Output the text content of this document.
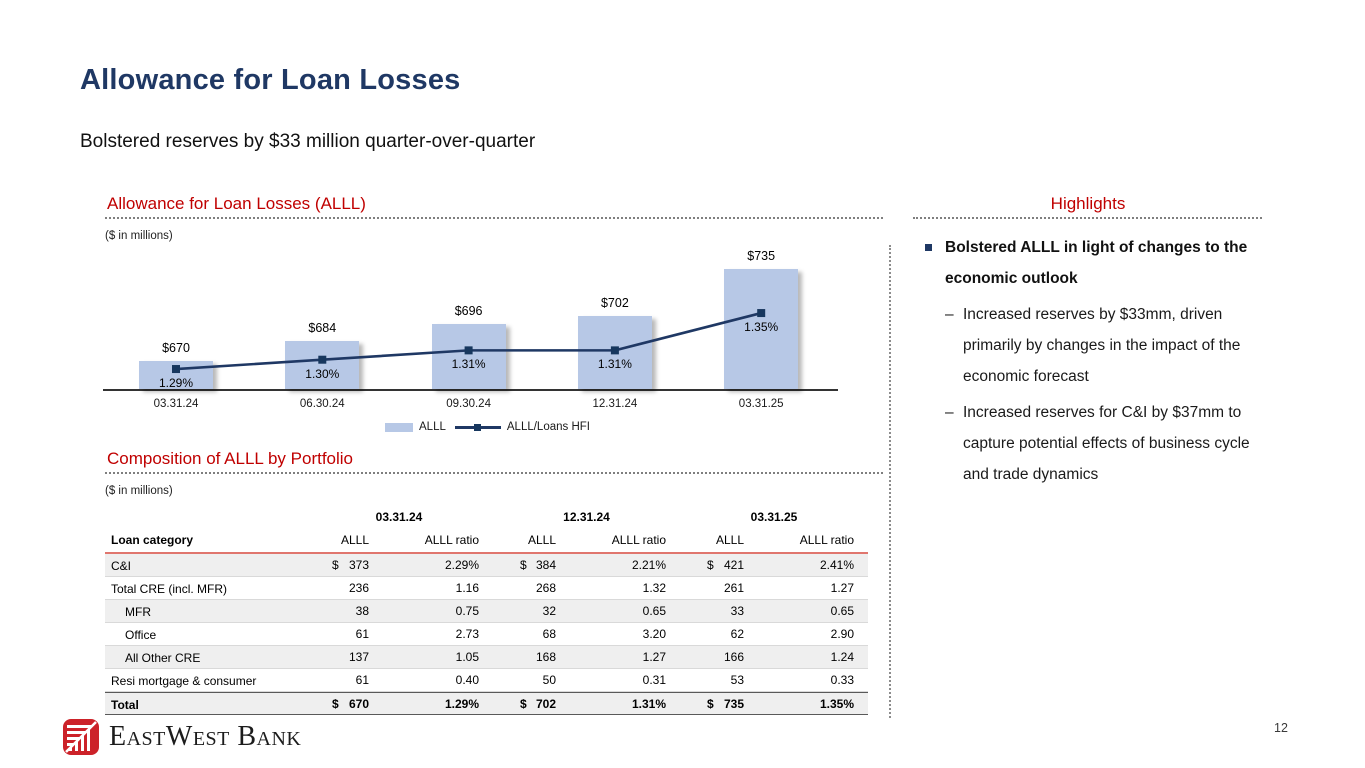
Allowance for Loan Losses
Bolstered reserves by $33 million quarter-over-quarter
Allowance for Loan Losses (ALLL)
($ in millions)
$670
03.31.24
$684
06.30.24
$696
09.30.24
$702
12.31.24
$735
03.31.25
1.29%
1.30%
1.31%	1.31%
1.35%
ALLL	ALLL/Loans HFI
Composition of ALLL by Portfolio
($ in millions)
03.31.24	12.31.24	03.31.25
Loan category	ALLL	ALLL ratio	ALLL	ALLL ratio	ALLL	ALLL ratio
C&I	$ 373	2.29%	$ 384	2.21%	$ 421	2.41%
Total CRE (incl. MFR)	236	1.16	268	1.32	261	1.27
MFR	38	0.75	32	0.65	33	0.65
Office	61	2.73	68	3.20	62	2.90
All Other CRE	137	1.05	168	1.27	166	1.24
Resi mortgage & consumer	61	0.40	50	0.31	53	0.33
Total	$ 670	1.29%	$ 702	1.31%	$ 735	1.35%
Highlights
Bolstered ALLL in light of changes to the economic outlook
– Increased reserves by $33mm, driven primarily by changes in the impact of the economic forecast
– Increased reserves for C&I by $37mm to capture potential effects of business cycle and trade dynamics
EastWest Bank	12
